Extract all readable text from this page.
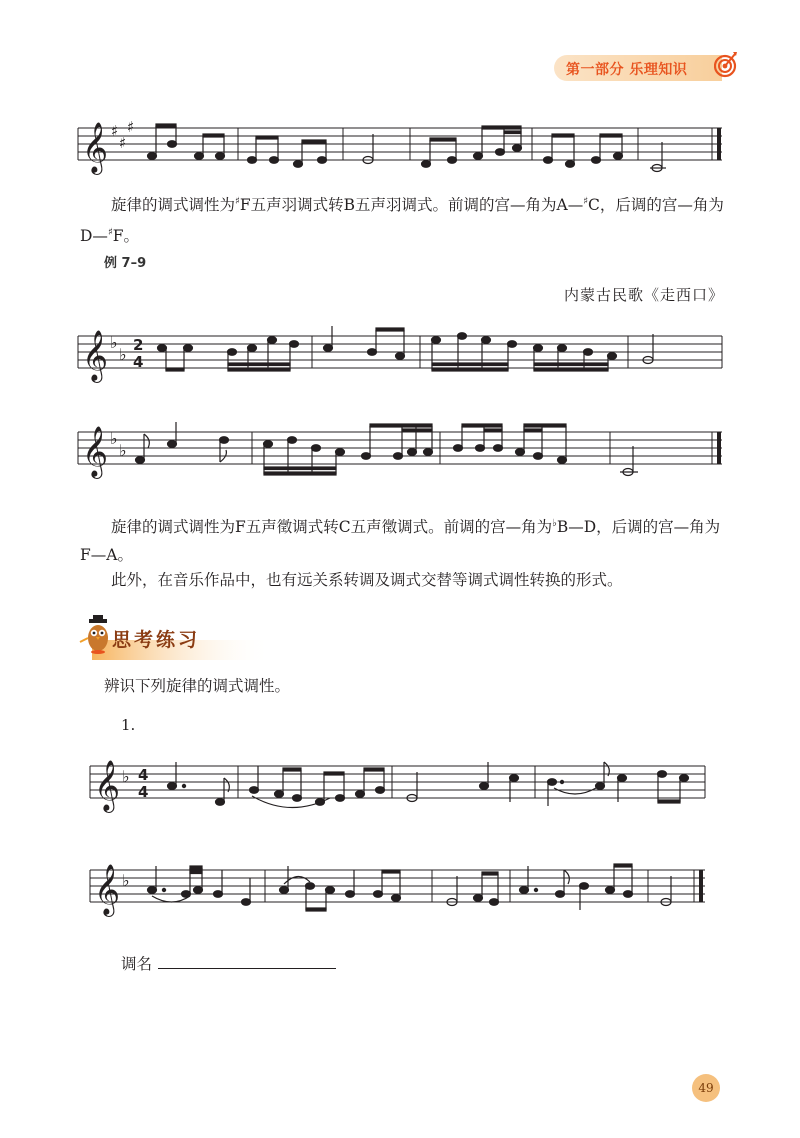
第一部分 乐理知识
𝄞 ♯
♯
♯
旋律的调式调性为♯F五声羽调式转B五声羽调式。前调的宫—角为A—♯C，后调的宫—角为D—♯F。
例 7–9
内蒙古民歌《走西口》
𝄞 ♭
♭ 2
4
𝄞 ♭
♭
旋律的调式调性为F五声徵调式转C五声徵调式。前调的宫—角为♭B—D，后调的宫—角为F—A。
此外，在音乐作品中，也有远关系转调及调式交替等调式调性转换的形式。
思考练习
辨识下列旋律的调式调性。
1.
𝄞 ♭ 4
4
𝄞 ♭
调名
49
